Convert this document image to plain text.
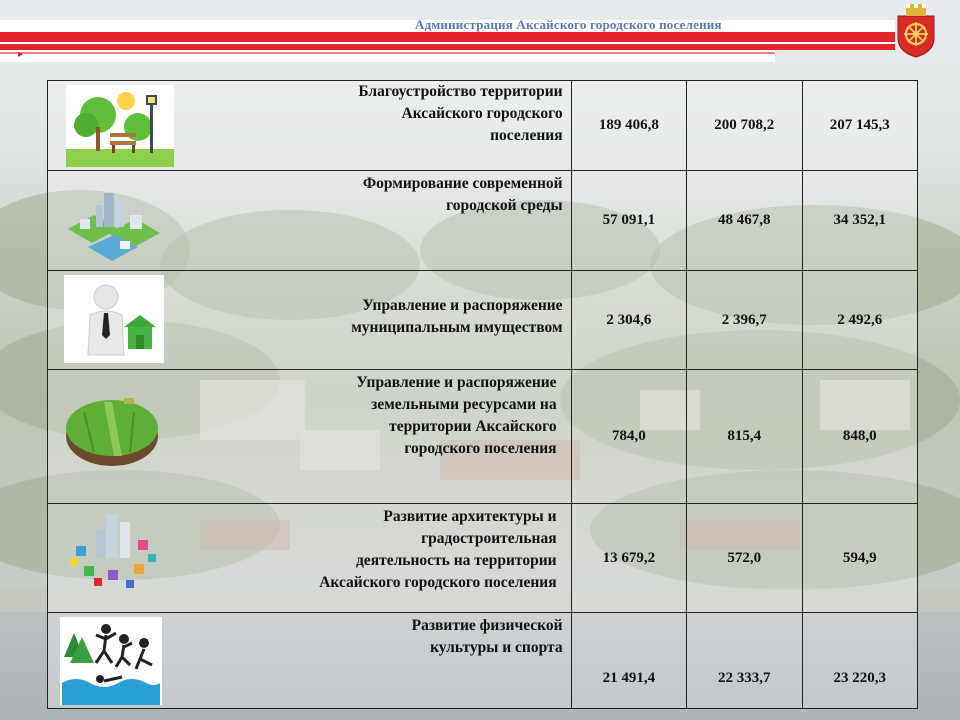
▸
Администрация Аксайского городского поселения
Благоустройство территории
Аксайского городского
поселения	189 406,8	200 708,2	207 145,3

Формирование современной
городской среды	57 091,1	48 467,8	34 352,1

Управление и распоряжение
муниципальным имуществом	2 304,6	2 396,7	2 492,6

Управление и распоряжение
земельными ресурсами на
территории Аксайского
городского поселения	784,0	815,4	848,0

Развитие архитектуры и
градостроительная
деятельность на территории
Аксайского городского поселения	13 679,2	572,0	594,9

Развитие физической
культуры и спорта	21 491,4	22 333,7	23 220,3
